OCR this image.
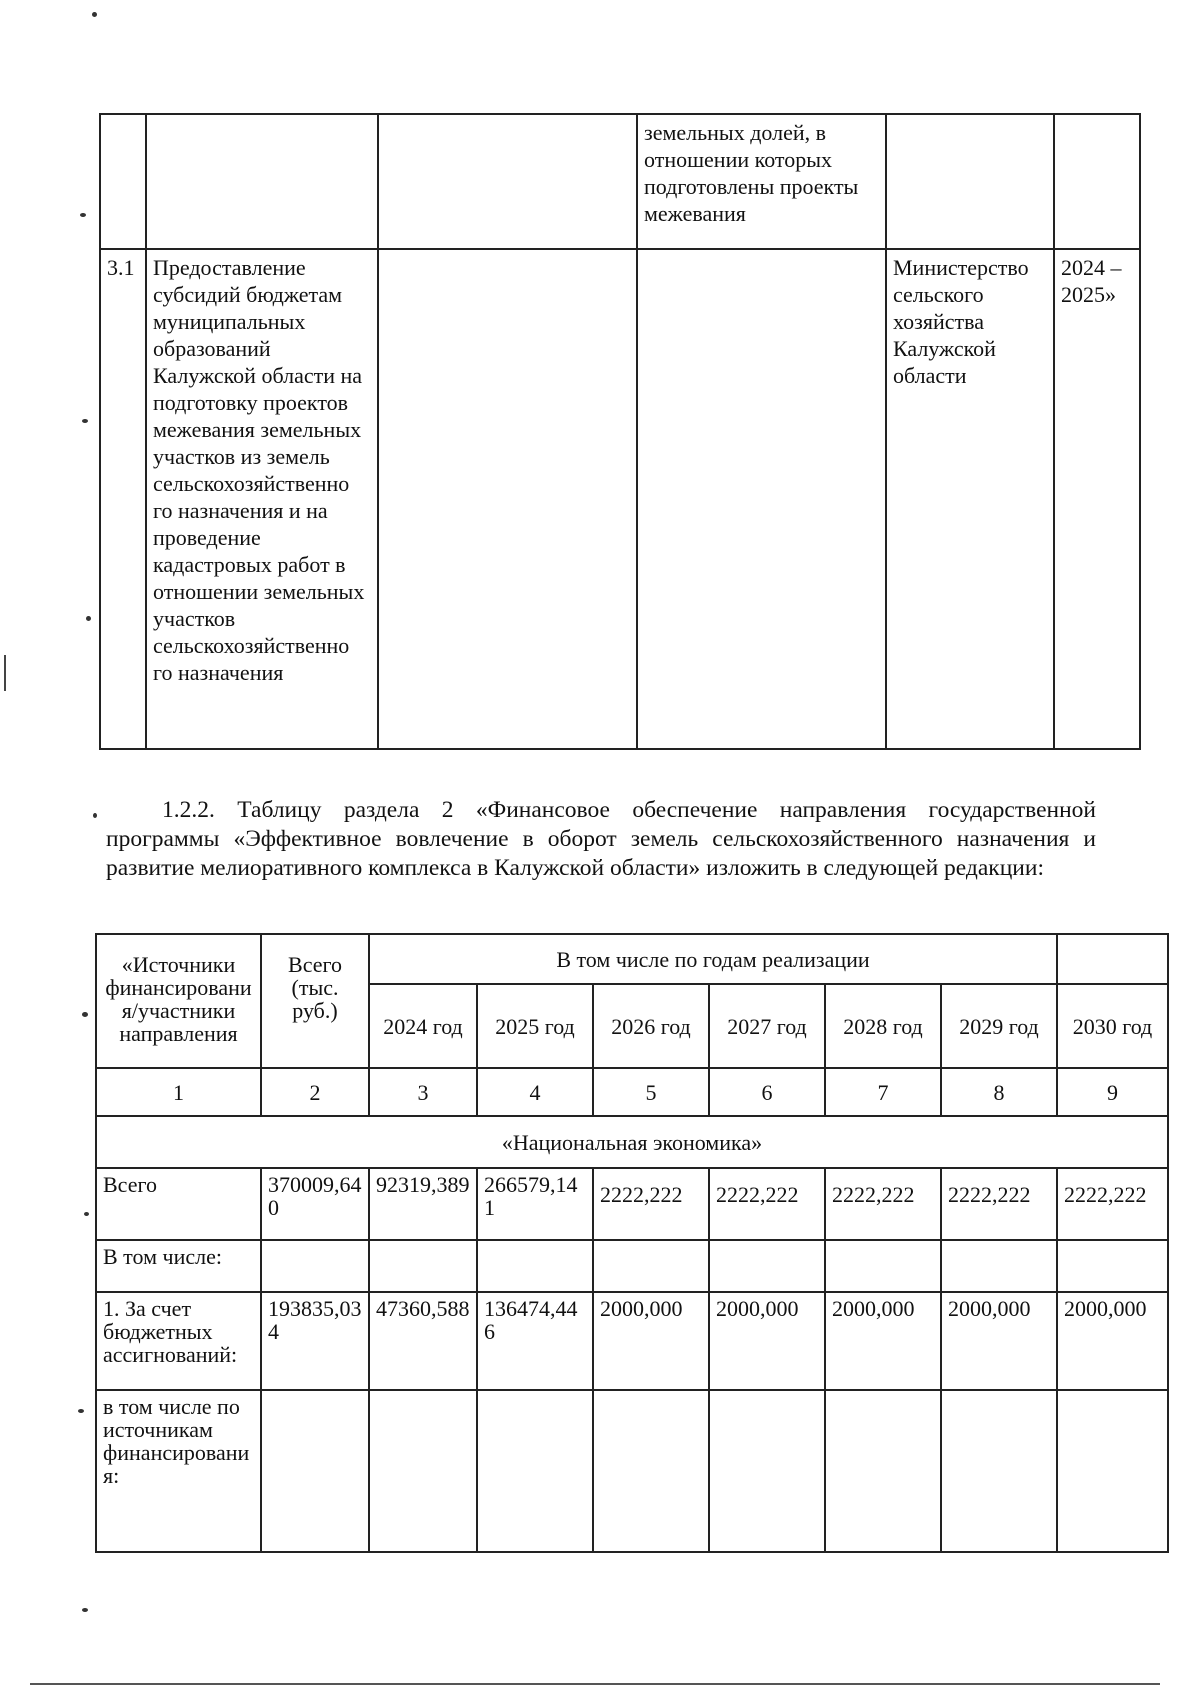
			земельных долей, в отношении которых подготовлены проекты межевания		
3.1	Предоставление субсидий бюджетам муниципальных образований Калужской области на подготовку проектов межевания земельных участков из земель сельскохозяйственно го назначения и на проведение кадастровых работ в отношении земельных участков сельскохозяйственно го назначения			Министерство сельского хозяйства Калужской области	2024 – 2025»
1.2.2. Таблицу раздела 2 «Финансовое обеспечение направления государственной программы «Эффективное вовлечение в оборот земель сельскохозяйственного назначения и развитие мелиоративного комплекса в Калужской области» изложить в следующей редакции:
«Источники финансирования/участники направления	Всего (тыс. руб.)	В том числе по годам реализации						
		2024 год	2025 год	2026 год	2027 год	2028 год	2029 год	2030 год
1	2	3	4	5	6	7	8	9
«Национальная экономика»								
Всего	370009,640	92319,389	266579,141	2222,222	2222,222	2222,222	2222,222	2222,222
В том числе:								
1. За счет бюджетных ассигнований:	193835,034	47360,588	136474,446	2000,000	2000,000	2000,000	2000,000	2000,000
в том числе по источникам финансирования:								
